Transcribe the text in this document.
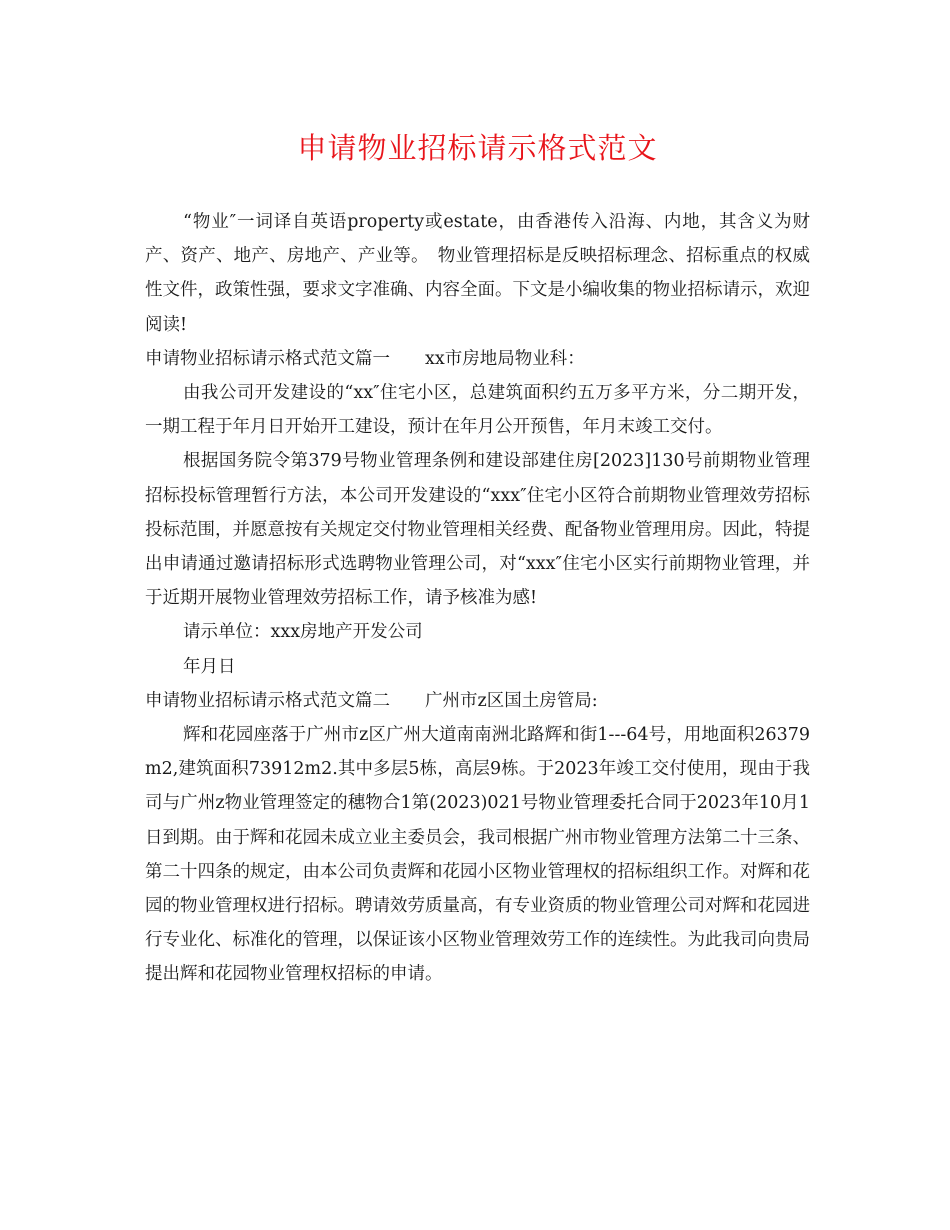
申请物业招标请示格式范文

“物业″一词译自英语property或estate，由香港传入沿海、内地，其含义为财产、资产、地产、房地产、产业等。　物业管理招标是反映招标理念、招标重点的权威性文件，政策性强，要求文字准确、内容全面。下文是小编收集的物业招标请示，欢迎阅读!

申请物业招标请示格式范文篇一　　xx市房地局物业科：

由我公司开发建设的“xx″住宅小区，总建筑面积约五万多平方米，分二期开发，一期工程于年月日开始开工建设，预计在年月公开预售，年月末竣工交付。

根据国务院令第379号物业管理条例和建设部建住房[2023]130号前期物业管理招标投标管理暂行方法，本公司开发建设的“xxx″住宅小区符合前期物业管理效劳招标投标范围，并愿意按有关规定交付物业管理相关经费、配备物业管理用房。因此，特提出申请通过邀请招标形式选聘物业管理公司，对“xxx″住宅小区实行前期物业管理，并于近期开展物业管理效劳招标工作，请予核准为感!

请示单位：xxx房地产开发公司

年月日

申请物业招标请示格式范文篇二　　广州市z区国土房管局:

辉和花园座落于广州市z区广州大道南南洲北路辉和街1---64号，用地面积26379m2,建筑面积73912m2.其中多层5栋，高层9栋。于2023年竣工交付使用，现由于我司与广州z物业管理签定的穗物合1第(2023)021号物业管理委托合同于2023年10月1日到期。由于辉和花园未成立业主委员会，我司根据广州市物业管理方法第二十三条、第二十四条的规定，由本公司负责辉和花园小区物业管理权的招标组织工作。对辉和花园的物业管理权进行招标。聘请效劳质量高，有专业资质的物业管理公司对辉和花园进行专业化、标准化的管理，以保证该小区物业管理效劳工作的连续性。为此我司向贵局提出辉和花园物业管理权招标的申请。
